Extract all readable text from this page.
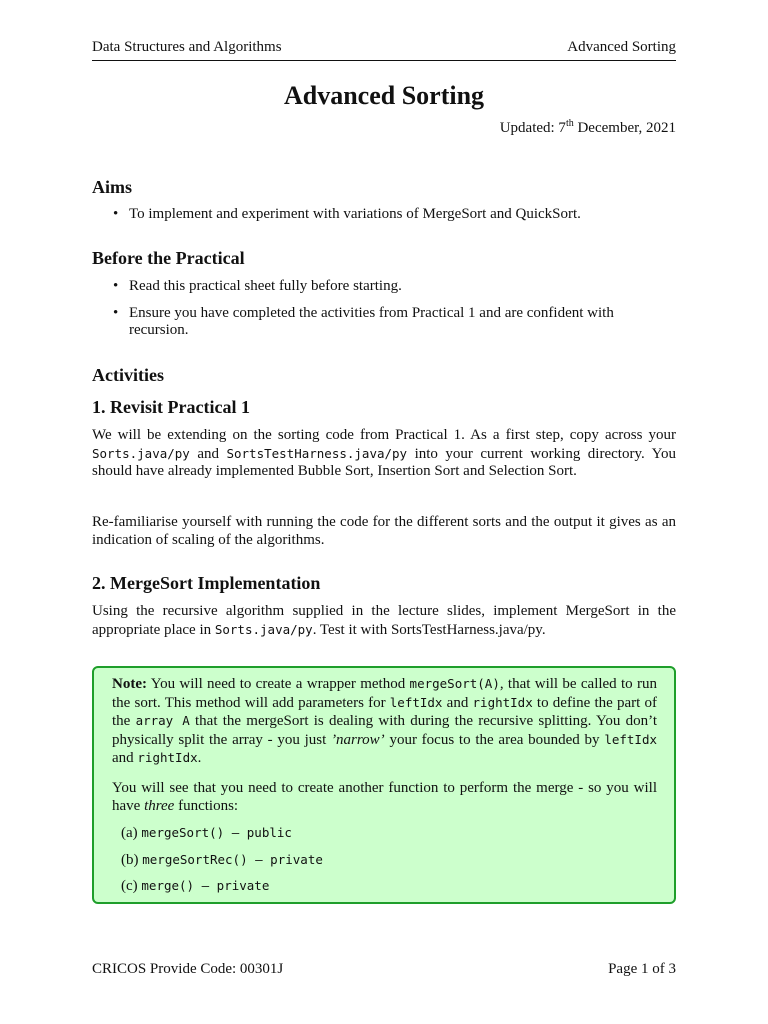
Data Structures and Algorithms	Advanced Sorting
Advanced Sorting
Updated: 7th December, 2021
Aims
• To implement and experiment with variations of MergeSort and QuickSort.
Before the Practical
• Read this practical sheet fully before starting.
• Ensure you have completed the activities from Practical 1 and are confident with recursion.
Activities
1. Revisit Practical 1

We will be extending on the sorting code from Practical 1. As a first step, copy across your Sorts.java/py and SortsTestHarness.java/py into your current working directory. You should have already implemented Bubble Sort, Insertion Sort and Selection Sort.

Re-familiarise yourself with running the code for the different sorts and the output it gives as an indication of scaling of the algorithms.

2. MergeSort Implementation

Using the recursive algorithm supplied in the lecture slides, implement MergeSort in the appropriate place in Sorts.java/py. Test it with SortsTestHarness.java/py.

Note: You will need to create a wrapper method mergeSort(A), that will be called to run the sort. This method will add parameters for leftIdx and rightIdx to define the part of the array A that the mergeSort is dealing with during the recursive splitting. You don’t physically split the array - you just ’narrow’ your focus to the area bounded by leftIdx and rightIdx.

You will see that you need to create another function to perform the merge - so you will have three functions:

(a) mergeSort() – public
(b) mergeSortRec() – private
(c) merge() – private
CRICOS Provide Code: 00301J	Page 1 of 3
